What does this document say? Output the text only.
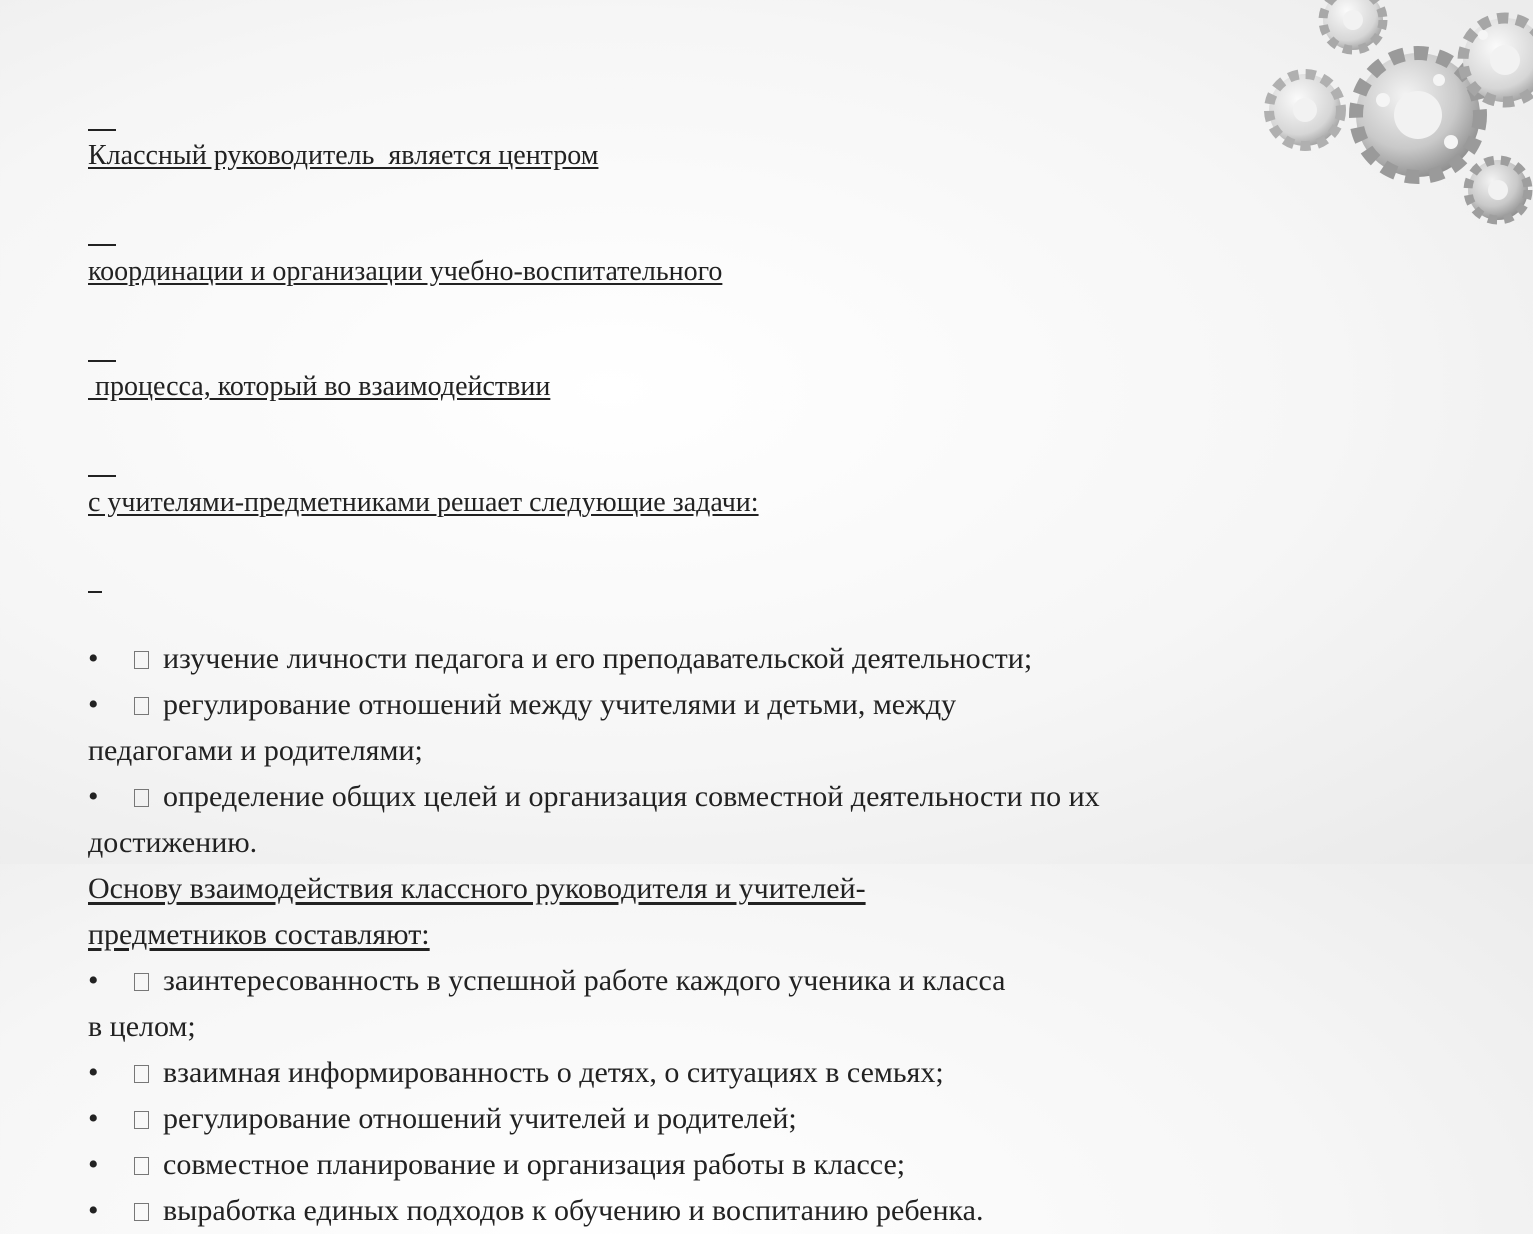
Классный руководитель  является центром

координации и организации учебно-воспитательного

процесса, который во взаимодействии

с учителями-предметниками решает следующие задачи:

• изучение личности педагога и его преподавательской деятельности;
• регулирование отношений между учителями и детьми, между
педагогами и родителями;
• определение общих целей и организация совместной деятельности по их
достижению.
Основу взаимодействия классного руководителя и учителей-
предметников составляют:
• заинтересованность в успешной работе каждого ученика и класса
в целом;
• взаимная информированность о детях, о ситуациях в семьях;
• регулирование отношений учителей и родителей;
• совместное планирование и организация работы в классе;
• выработка единых подходов к обучению и воспитанию ребенка.
